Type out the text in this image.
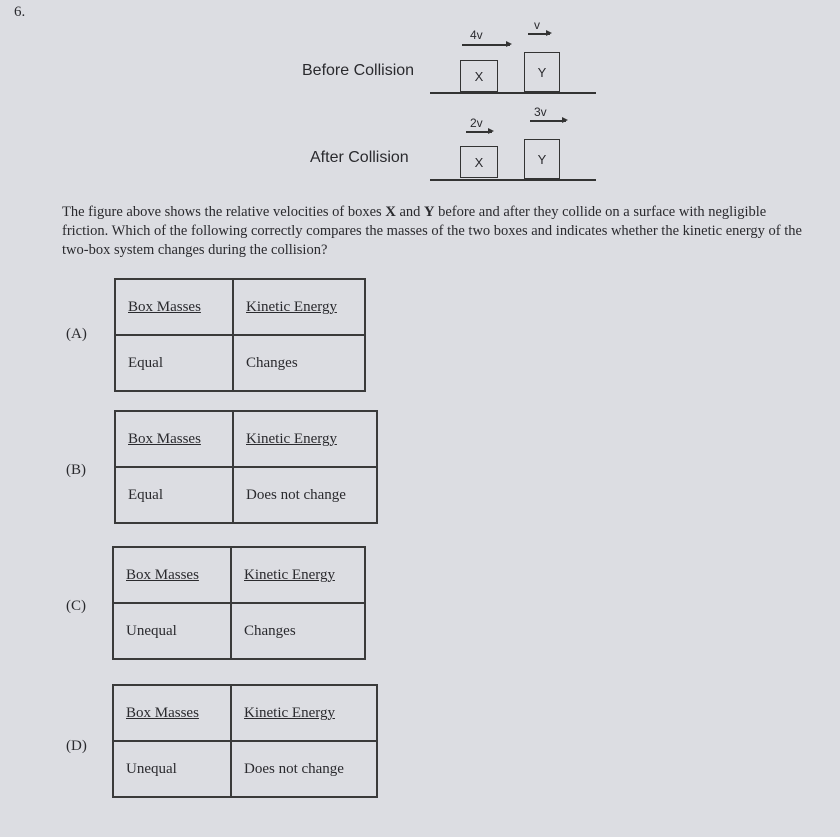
6.
Before Collision
4v
v
X	Y
After Collision
2v
3v
X	Y
The figure above shows the relative velocities of boxes X and Y before and after they collide on a surface with negligible friction. Which of the following correctly compares the masses of the two boxes and indicates whether the kinetic energy of the two-box system changes during the collision?
(A)
Box Masses	Kinetic Energy
Equal	Changes
(B)
Box Masses	Kinetic Energy
Equal	Does not change
(C)
Box Masses	Kinetic Energy
Unequal	Changes
(D)
Box Masses	Kinetic Energy
Unequal	Does not change
